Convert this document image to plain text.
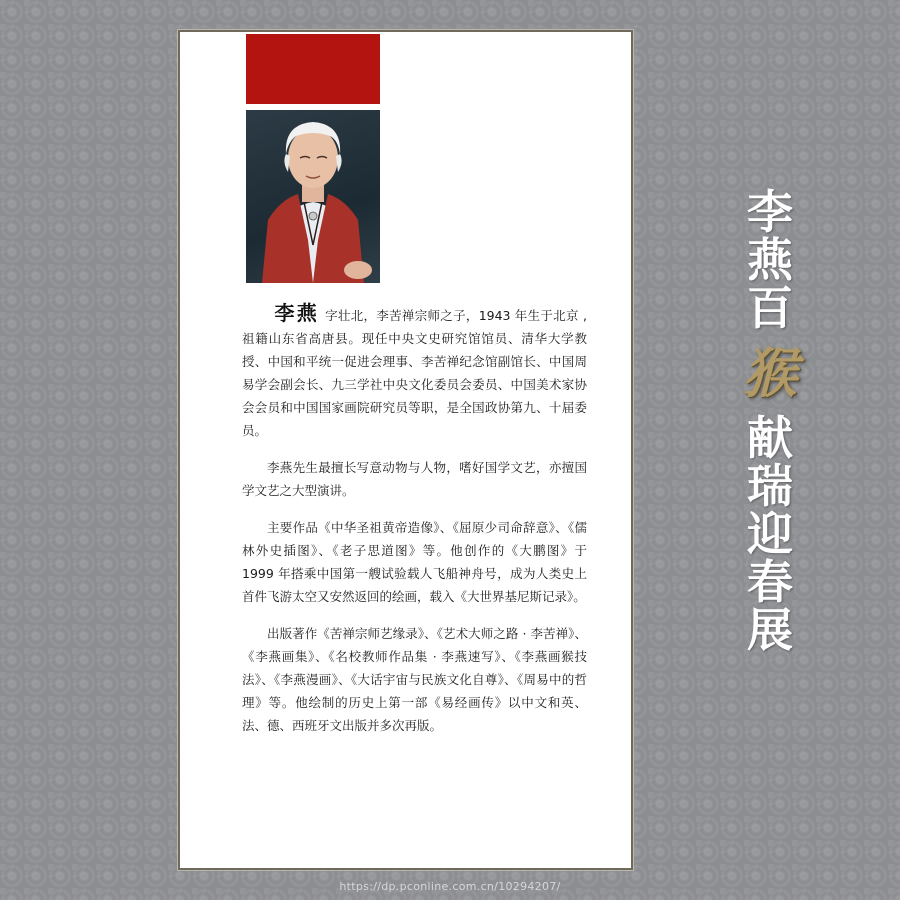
李燕 字壮北，李苦禅宗师之子，1943 年生于北京 ,祖籍山东省高唐县。现任中央文史研究馆馆员、清华大学教授、中国和平统一促进会理事、李苦禅纪念馆副馆长、中国周易学会副会长、九三学社中央文化委员会委员、中国美术家协会会员和中国国家画院研究员等职，是全国政协第九、十届委员。

李燕先生最擅长写意动物与人物，嗜好国学文艺，亦擅国学文艺之大型演讲。

主要作品《中华圣祖黄帝造像》、《屈原少司命辞意》、《儒林外史插图》、《老子思道图》等。他创作的《大鹏图》于 1999 年搭乘中国第一艘试验载人飞船神舟号，成为人类史上首件飞游太空又安然返回的绘画，载入《大世界基尼斯记录》。

出版著作《苦禅宗师艺缘录》、《艺术大师之路 · 李苦禅》、《李燕画集》、《名校教师作品集 · 李燕速写》、《李燕画猴技法》、《李燕漫画》、《大话宇宙与民族文化自尊》、《周易中的哲理》等。他绘制的历史上第一部《易经画传》以中文和英、法、德、西班牙文出版并多次再版。

李
燕
百
猴
献
瑞
迎
春
展
https://dp.pconline.com.cn/10294207/
